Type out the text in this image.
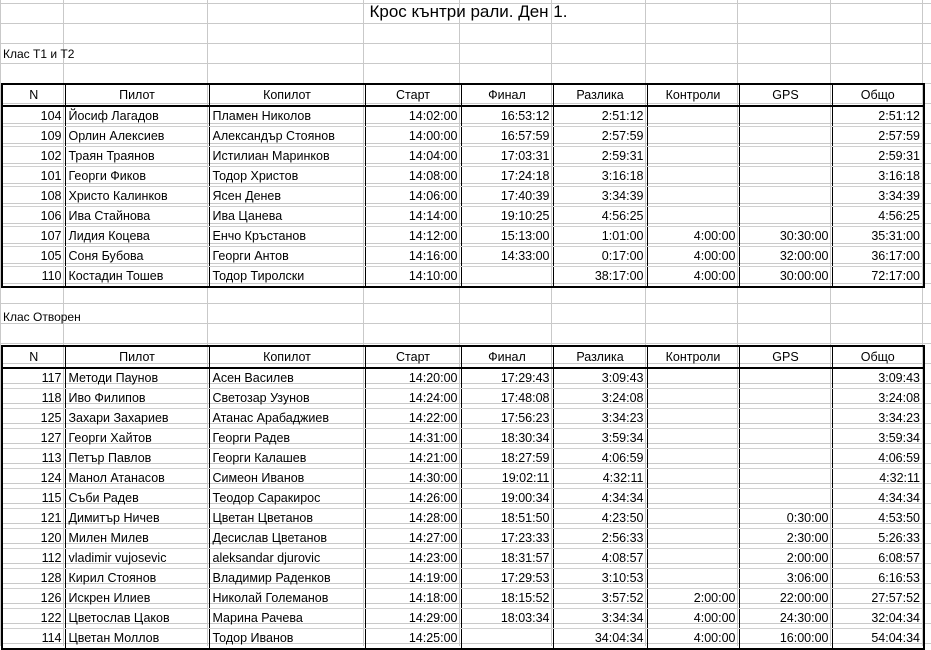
Крос кънтри рали. Ден 1.
Клас Т1 и Т2
N	Пилот	Копилот	Старт	Финал	Разлика	Контроли	GPS	Общо
104	Йосиф Лагадов	Пламен Николов	14:02:00	16:53:12	2:51:12			2:51:12
109	Орлин Алексиев	Александър Стоянов	14:00:00	16:57:59	2:57:59			2:57:59
102	Траян Траянов	Истилиан Маринков	14:04:00	17:03:31	2:59:31			2:59:31
101	Георги Фиков	Тодор Христов	14:08:00	17:24:18	3:16:18			3:16:18
108	Христо Калинков	Ясен Денев	14:06:00	17:40:39	3:34:39			3:34:39
106	Ива Стайнова	Ива Цанева	14:14:00	19:10:25	4:56:25			4:56:25
107	Лидия Коцева	Енчо Кръстанов	14:12:00	15:13:00	1:01:00	4:00:00	30:30:00	35:31:00
105	Соня Бубова	Георги Антов	14:16:00	14:33:00	0:17:00	4:00:00	32:00:00	36:17:00
110	Костадин Тошев	Тодор Тиролски	14:10:00		38:17:00	4:00:00	30:00:00	72:17:00
Клас Отворен
N	Пилот	Копилот	Старт	Финал	Разлика	Контроли	GPS	Общо
117	Методи Паунов	Асен Василев	14:20:00	17:29:43	3:09:43			3:09:43
118	Иво Филипов	Светозар Узунов	14:24:00	17:48:08	3:24:08			3:24:08
125	Захари Захариев	Атанас Арабаджиев	14:22:00	17:56:23	3:34:23			3:34:23
127	Георги Хайтов	Георги Радев	14:31:00	18:30:34	3:59:34			3:59:34
113	Петър Павлов	Георги Калашев	14:21:00	18:27:59	4:06:59			4:06:59
124	Манол Атанасов	Симеон Иванов	14:30:00	19:02:11	4:32:11			4:32:11
115	Съби Радев	Теодор Саракирос	14:26:00	19:00:34	4:34:34			4:34:34
121	Димитър Ничев	Цветан Цветанов	14:28:00	18:51:50	4:23:50		0:30:00	4:53:50
120	Милен Милев	Десислав Цветанов	14:27:00	17:23:33	2:56:33		2:30:00	5:26:33
112	vladimir vujosevic	aleksandar djurovic	14:23:00	18:31:57	4:08:57		2:00:00	6:08:57
128	Кирил Стоянов	Владимир Раденков	14:19:00	17:29:53	3:10:53		3:06:00	6:16:53
126	Искрен Илиев	Николай Големанов	14:18:00	18:15:52	3:57:52	2:00:00	22:00:00	27:57:52
122	Цветослав Цаков	Марина Рачева	14:29:00	18:03:34	3:34:34	4:00:00	24:30:00	32:04:34
114	Цветан Моллов	Тодор Иванов	14:25:00		34:04:34	4:00:00	16:00:00	54:04:34
